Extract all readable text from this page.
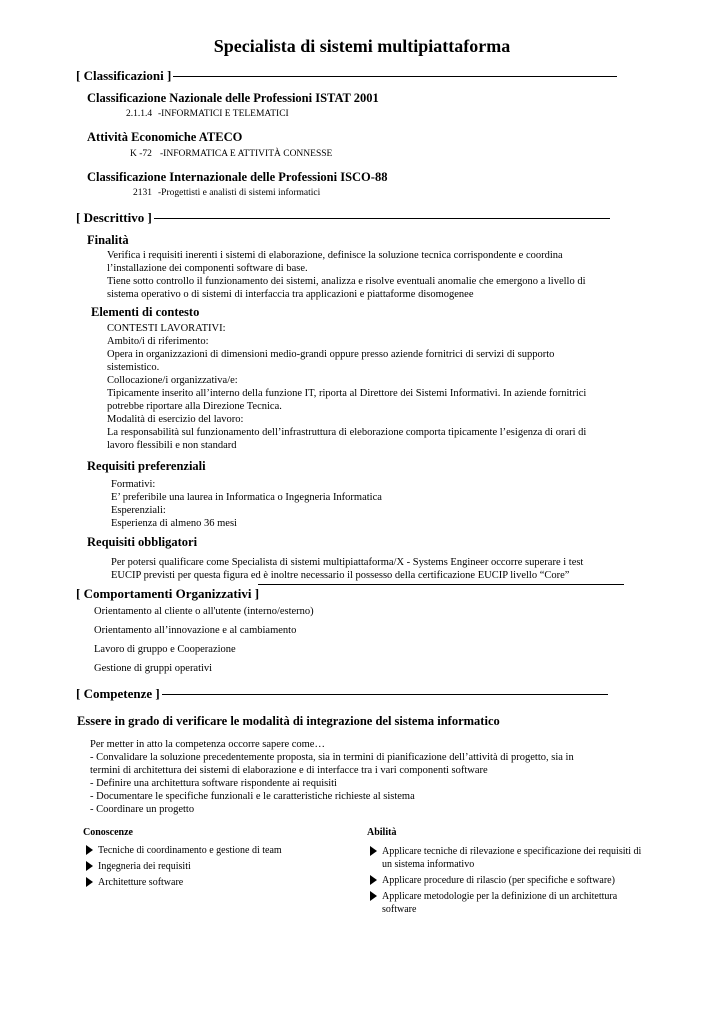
Specialista di sistemi multipiattaforma
[ Classificazioni ]
Classificazione Nazionale delle Professioni ISTAT 2001
2.1.1.4 -INFORMATICI E TELEMATICI
Attività Economiche ATECO
K -72 -INFORMATICA E ATTIVITÀ CONNESSE
Classificazione Internazionale delle Professioni ISCO-88
2131 -Progettisti e analisti di sistemi informatici
[ Descrittivo ]
Finalità
Verifica i requisiti inerenti i sistemi di elaborazione, definisce la soluzione tecnica corrispondente e coordina
l’installazione dei componenti software di base.
Tiene sotto controllo il funzionamento dei sistemi, analizza e risolve eventuali anomalie che emergono a livello di
sistema operativo o di sistemi di interfaccia tra applicazioni e piattaforme disomogenee
Elementi di contesto
CONTESTI LAVORATIVI:
Ambito/i di riferimento:
Opera in organizzazioni di dimensioni medio-grandi oppure presso aziende fornitrici di servizi di supporto
sistemistico.
Collocazione/i organizzativa/e:
Tipicamente inserito all’interno della funzione IT, riporta al Direttore dei Sistemi Informativi. In aziende fornitrici
potrebbe riportare alla Direzione Tecnica.
Modalità di esercizio del lavoro:
La responsabilità sul funzionamento dell’infrastruttura di eleborazione comporta tipicamente l’esigenza di orari di
lavoro flessibili e non standard
Requisiti preferenziali
Formativi:
E’ preferibile una laurea in Informatica o Ingegneria Informatica
Esperenziali:
Esperienza di almeno 36 mesi
Requisiti obbligatori
Per potersi qualificare come Specialista di sistemi multipiattaforma/X - Systems Engineer occorre superare i test
EUCIP previsti per questa figura ed è inoltre necessario il possesso della certificazione EUCIP livello “Core”
[ Comportamenti Organizzativi ]
Orientamento al cliente o all'utente (interno/esterno)
Orientamento all’innovazione e al cambiamento
Lavoro di gruppo e Cooperazione
Gestione di gruppi operativi
[ Competenze ]
Essere in grado di verificare le modalità di integrazione del sistema informatico
Per metter in atto la competenza occorre sapere come…
- Convalidare la soluzione precedentemente proposta, sia in termini di pianificazione dell’attività di progetto, sia in
termini di architettura dei sistemi di elaborazione e di interfacce tra i vari componenti software
- Definire una architettura software rispondente ai requisiti
- Documentare le specifiche funzionali e le caratteristiche richieste al sistema
- Coordinare un progetto
Conoscenze
Tecniche di coordinamento e gestione di team
Ingegneria dei requisiti
Architetture software
Abilità
Applicare tecniche di rilevazione e specificazione dei requisiti di un sistema informativo
Applicare procedure di rilascio (per specifiche e software)
Applicare metodologie per la definizione di un architettura software
